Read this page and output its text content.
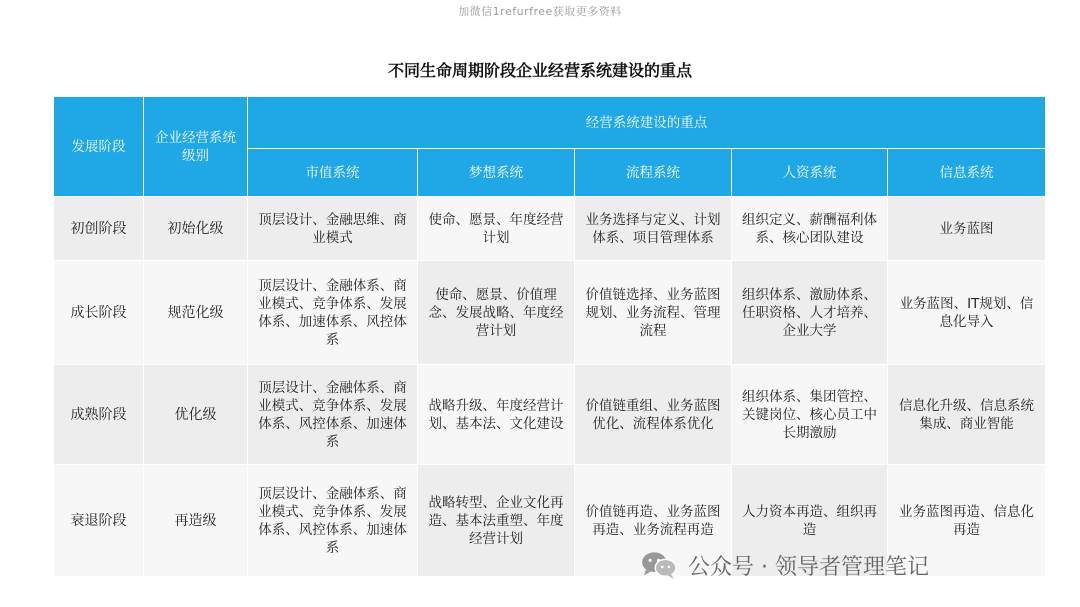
加微信1refurfree获取更多资料
不同生命周期阶段企业经营系统建设的重点
发展阶段	企业经营系统级别	经营系统建设的重点				
		市值系统	梦想系统	流程系统	人资系统	信息系统
初创阶段	初始化级	顶层设计、金融思维、商业模式	使命、愿景、年度经营计划	业务选择与定义、计划体系、项目管理体系	组织定义、薪酬福利体系、核心团队建设	业务蓝图
成长阶段	规范化级	顶层设计、金融体系、商业模式、竞争体系、发展体系、加速体系、风控体系	使命、愿景、价值理念、发展战略、年度经营计划	价值链选择、业务蓝图规划、业务流程、管理流程	组织体系、激励体系、任职资格、人才培养、企业大学	业务蓝图、IT规划、信息化导入
成熟阶段	优化级	顶层设计、金融体系、商业模式、竞争体系、发展体系、风控体系、加速体系	战略升级、年度经营计划、基本法、文化建设	价值链重组、业务蓝图优化、流程体系优化	组织体系、集团管控、关键岗位、核心员工中长期激励	信息化升级、信息系统集成、商业智能
衰退阶段	再造级	顶层设计、金融体系、商业模式、竞争体系、发展体系、风控体系、加速体系	战略转型、企业文化再造、基本法重塑、年度经营计划	价值链再造、业务蓝图再造、业务流程再造	人力资本再造、组织再造	业务蓝图再造、信息化再造
公众号 · 领导者管理笔记
